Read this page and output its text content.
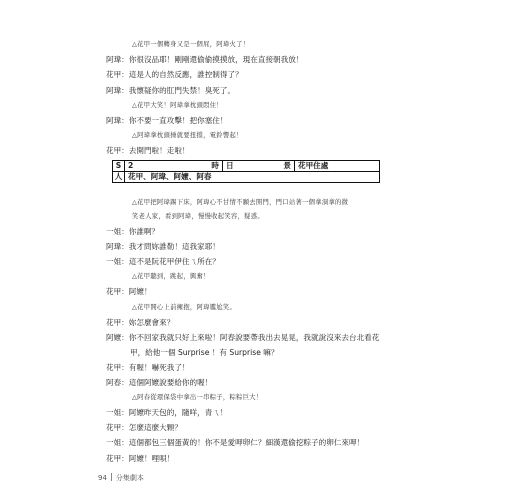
△花甲一個轉身又是一個屁，阿瑋火了！
阿瑋：你很沒品耶！剛剛還偷偷摸摸放，現在直接朝我放！
花甲：這是人的自然反應，誰控制得了？
阿瑋：我懷疑你的肛門失禁！臭死了。
△花甲大笑！阿瑋拿枕頭悶住！
阿瑋：你不要一直攻擊！把你塞住！
△阿瑋拿枕頭捶就要扭擋，電鈴響起！
花甲：去開門啦！走啦！
一姐：你誰啊？
阿瑋：我才問妳誰勒！這我家耶！
一姐：這不是阮花甲伊住ㄟ所在？
△花甲聽到，跳起，興奮！
花甲：阿嬤！
△花甲開心上前擁抱，阿瑋尷尬笑。
花甲：妳怎麼會來？
阿嬤：你不回家我就只好上來啦！阿春說要帶我出去晃晃，我就說沒來去台北看花
甲，給他一個 Surprise ！有 Surprise 嘛？
花甲：有喔！嚇死我了！
阿春：這個阿嬤說要給你的喔！
△阿春從環保袋中拿出一串粽子，粽粽巨大！
一姐：阿嬤昨天包的，隨咩，青ㄟ！
花甲：怎麼這麼大顆？
一姐：這個都包三個蛋黃的！你不是愛呷卵仁？細漢還偷挖粽子的卵仁來呷！
花甲：阿嬤！哩唄！
S 2	時 日	景 花甲住處
人 花甲、阿瑋、阿嬤、阿春
△花甲把阿瑋踢下床，阿瑋心不甘情不願去開門，門口站著一個拿洞拿的微
笑老人家，看到阿瑋，慢慢收起笑容，疑惑。
94 分集劇本
